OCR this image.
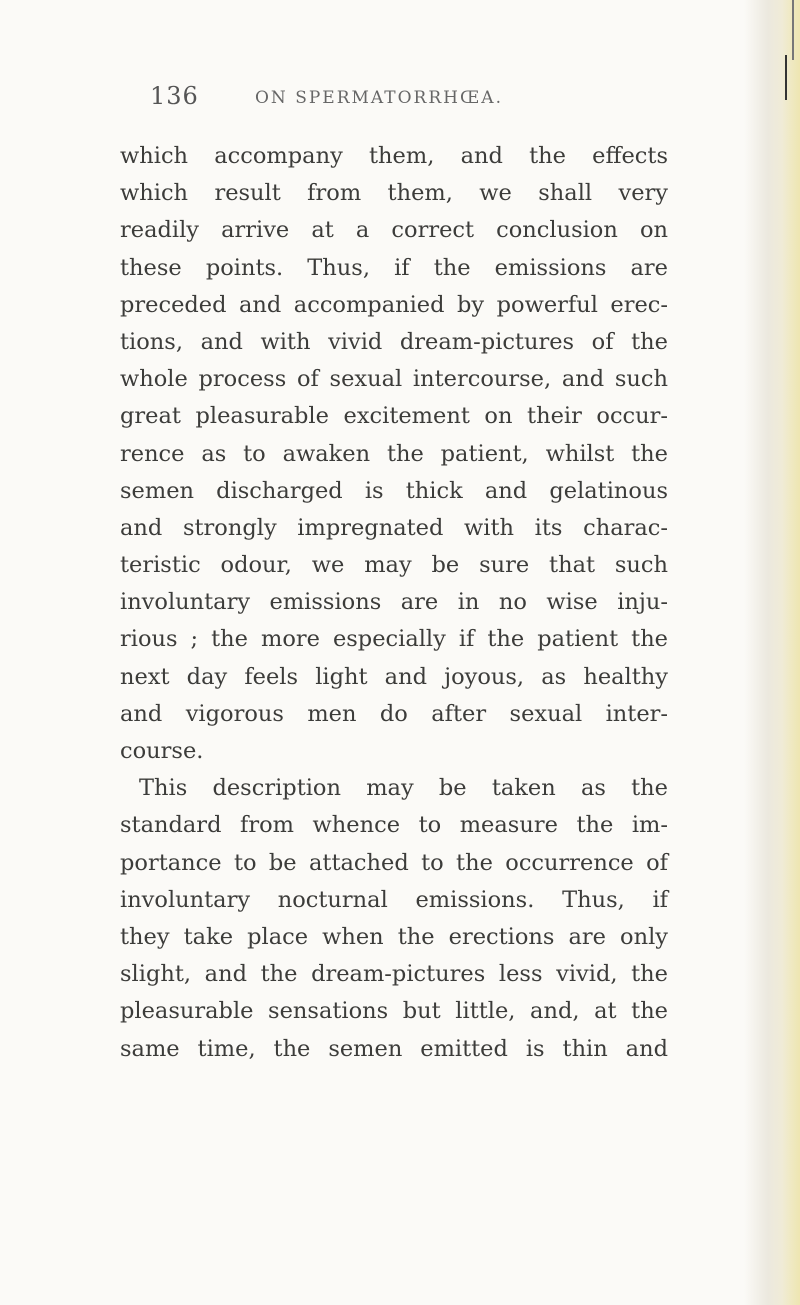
136	ON SPERMATORRHŒA.
which accompany them, and the effects
which result from them, we shall very
readily arrive at a correct conclusion on
these points. Thus, if the emissions are
preceded and accompanied by powerful erec-
tions, and with vivid dream-pictures of the
whole process of sexual intercourse, and such
great pleasurable excitement on their occur-
rence as to awaken the patient, whilst the
semen discharged is thick and gelatinous
and strongly impregnated with its charac-
teristic odour, we may be sure that such
involuntary emissions are in no wise inju-
rious ; the more especially if the patient the
next day feels light and joyous, as healthy
and vigorous men do after sexual inter-
course.
This description may be taken as the
standard from whence to measure the im-
portance to be attached to the occurrence of
involuntary nocturnal emissions. Thus, if
they take place when the erections are only
slight, and the dream-pictures less vivid, the
pleasurable sensations but little, and, at the
same time, the semen emitted is thin and
